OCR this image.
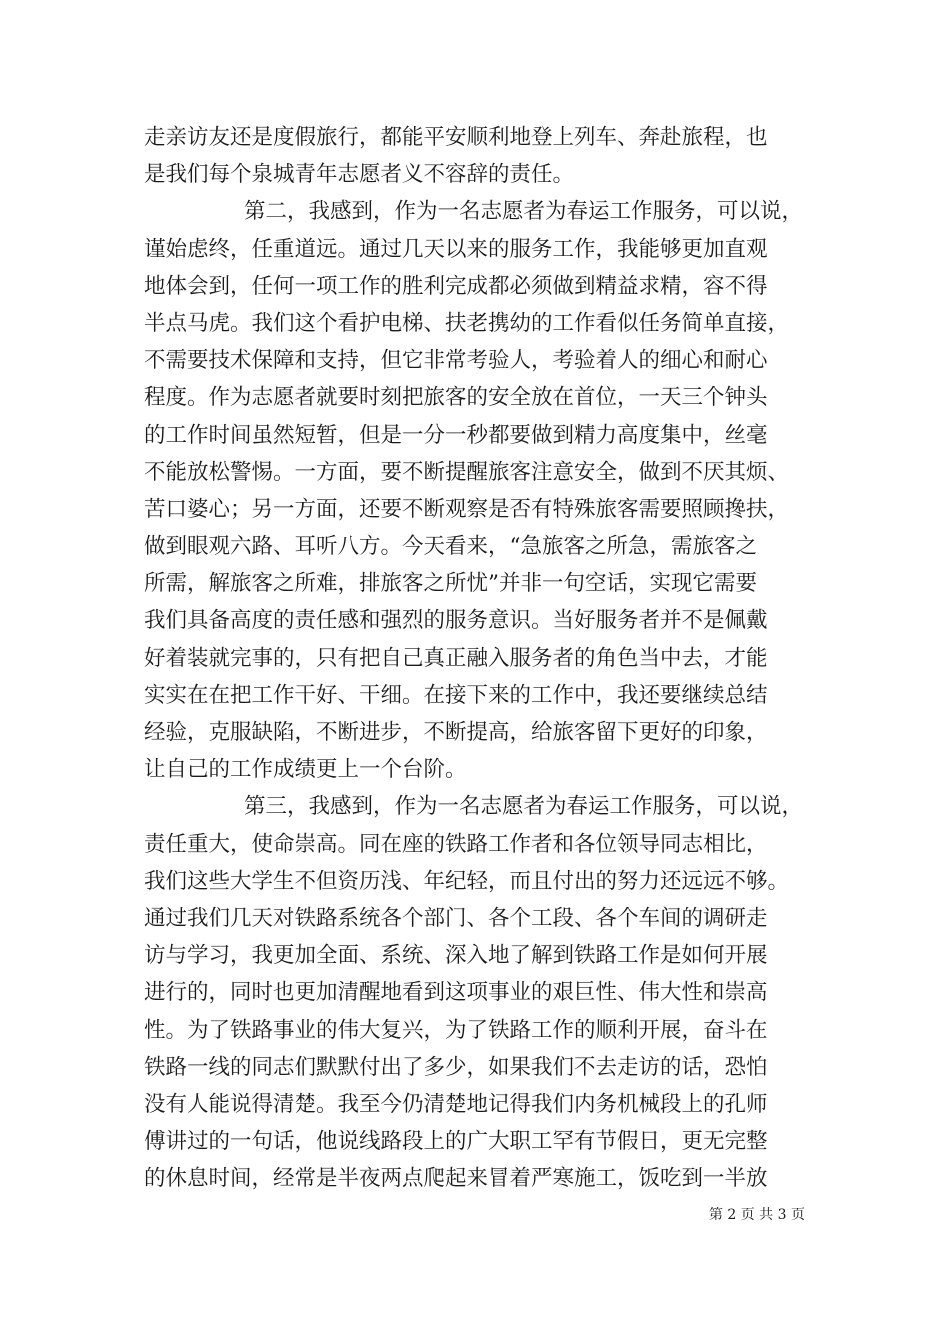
走亲访友还是度假旅行，都能平安顺利地登上列车、奔赴旅程，也
是我们每个泉城青年志愿者义不容辞的责任。
第二，我感到，作为一名志愿者为春运工作服务，可以说，
谨始虑终，任重道远。通过几天以来的服务工作，我能够更加直观
地体会到，任何一项工作的胜利完成都必须做到精益求精，容不得
半点马虎。我们这个看护电梯、扶老携幼的工作看似任务简单直接，
不需要技术保障和支持，但它非常考验人，考验着人的细心和耐心
程度。作为志愿者就要时刻把旅客的安全放在首位，一天三个钟头
的工作时间虽然短暂，但是一分一秒都要做到精力高度集中，丝毫
不能放松警惕。一方面，要不断提醒旅客注意安全，做到不厌其烦、
苦口婆心；另一方面，还要不断观察是否有特殊旅客需要照顾搀扶，
做到眼观六路、耳听八方。今天看来，“急旅客之所急，需旅客之
所需，解旅客之所难，排旅客之所忧”并非一句空话，实现它需要
我们具备高度的责任感和强烈的服务意识。当好服务者并不是佩戴
好着装就完事的，只有把自己真正融入服务者的角色当中去，才能
实实在在把工作干好、干细。在接下来的工作中，我还要继续总结
经验，克服缺陷，不断进步，不断提高，给旅客留下更好的印象，
让自己的工作成绩更上一个台阶。
第三，我感到，作为一名志愿者为春运工作服务，可以说，
责任重大，使命崇高。同在座的铁路工作者和各位领导同志相比，
我们这些大学生不但资历浅、年纪轻，而且付出的努力还远远不够。
通过我们几天对铁路系统各个部门、各个工段、各个车间的调研走
访与学习，我更加全面、系统、深入地了解到铁路工作是如何开展
进行的，同时也更加清醒地看到这项事业的艰巨性、伟大性和崇高
性。为了铁路事业的伟大复兴，为了铁路工作的顺利开展，奋斗在
铁路一线的同志们默默付出了多少，如果我们不去走访的话，恐怕
没有人能说得清楚。我至今仍清楚地记得我们内务机械段上的孔师
傅讲过的一句话，他说线路段上的广大职工罕有节假日，更无完整
的休息时间，经常是半夜两点爬起来冒着严寒施工，饭吃到一半放
第 2 页 共 3 页
